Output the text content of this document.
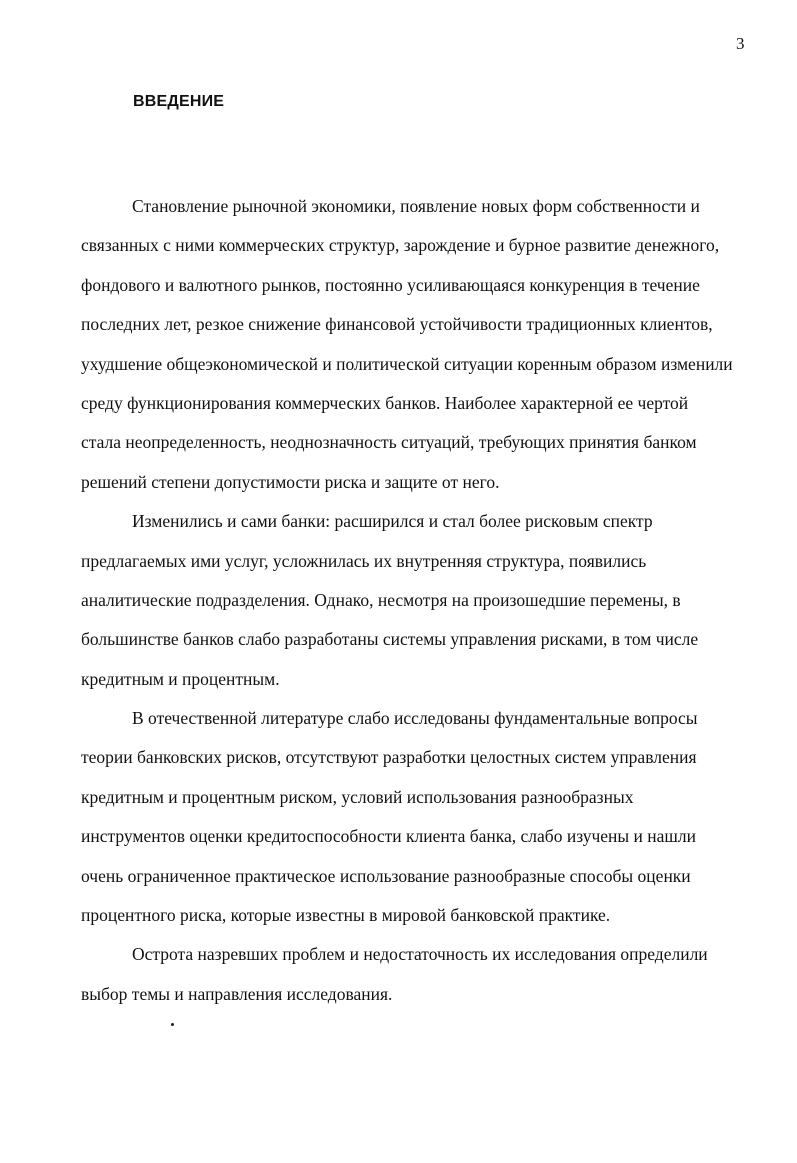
3
ВВЕДЕНИЕ
Становление рыночной экономики, появление новых форм собственности и
связанных с ними коммерческих структур, зарождение и бурное развитие денежного,
фондового и валютного рынков, постоянно усиливающаяся конкуренция в течение
последних лет, резкое снижение финансовой устойчивости традиционных клиентов,
ухудшение общеэкономической и политической ситуации коренным образом изменили
среду функционирования коммерческих банков. Наиболее характерной ее чертой
стала неопределенность, неоднозначность ситуаций, требующих принятия банком
решений степени допустимости риска и защите от него.
Изменились и сами банки: расширился и стал более рисковым спектр
предлагаемых ими услуг, усложнилась их внутренняя структура, появились
аналитические подразделения. Однако, несмотря на произошедшие перемены, в
большинстве банков слабо разработаны системы управления рисками, в том числе
кредитным и процентным.
В отечественной литературе слабо исследованы фундаментальные вопросы
теории банковских рисков, отсутствуют разработки целостных систем управления
кредитным и процентным риском, условий использования разнообразных
инструментов оценки кредитоспособности клиента банка, слабо изучены и нашли
очень ограниченное практическое использование разнообразные способы оценки
процентного риска, которые известны в мировой банковской практике.
Острота назревших проблем и недостаточность их исследования определили
выбор темы и направления исследования.
